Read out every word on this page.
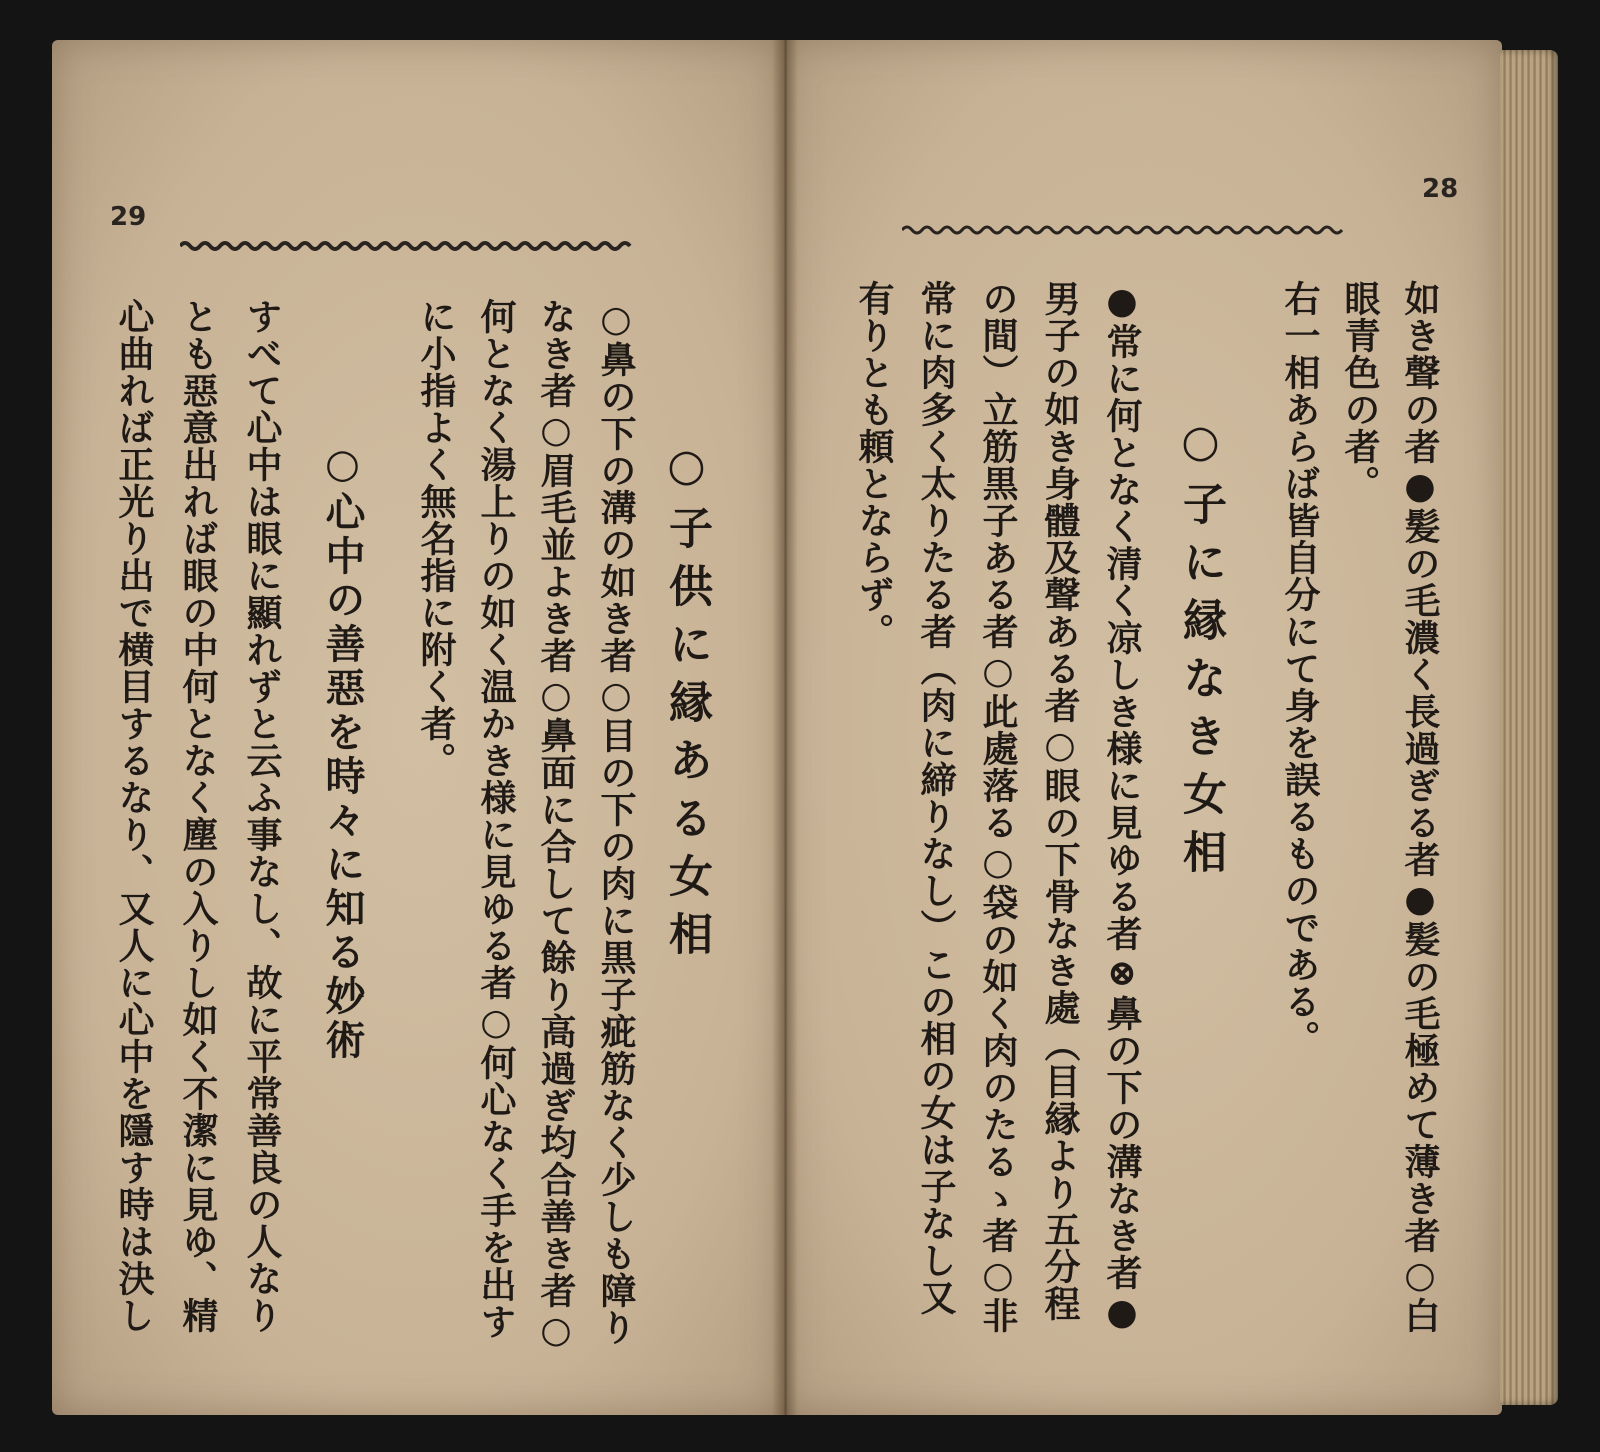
29
○子供に縁ある女相
○鼻の下の溝の如き者○目の下の肉に黒子疵筋なく少しも障り
なき者○眉毛並よき者○鼻面に合して餘り高過ぎ均合善き者○
何となく湯上りの如く温かき様に見ゆる者○何心なく手を出す
に小指よく無名指に附く者。
○心中の善惡を時々に知る妙術
すべて心中は眼に顯れずと云ふ事なし、故に平常善良の人なり
とも惡意出れば眼の中何となく塵の入りし如く不潔に見ゆ、精
心曲れば正光り出で横目するなり、又人に心中を隱す時は決し
28
如き聲の者●髪の毛濃く長過ぎる者●髪の毛極めて薄き者○白
眼青色の者。
右一相あらば皆自分にて身を誤るものである。
○子に縁なき女相
●常に何となく清く凉しき様に見ゆる者⊗鼻の下の溝なき者●
男子の如き身體及聲ある者○眼の下骨なき處（目縁より五分程
の間）立筋黒子ある者○此處落る○袋の如く肉のたるゝ者○非
常に肉多く太りたる者（肉に締りなし）この相の女は子なし又
有りとも頼とならず。
